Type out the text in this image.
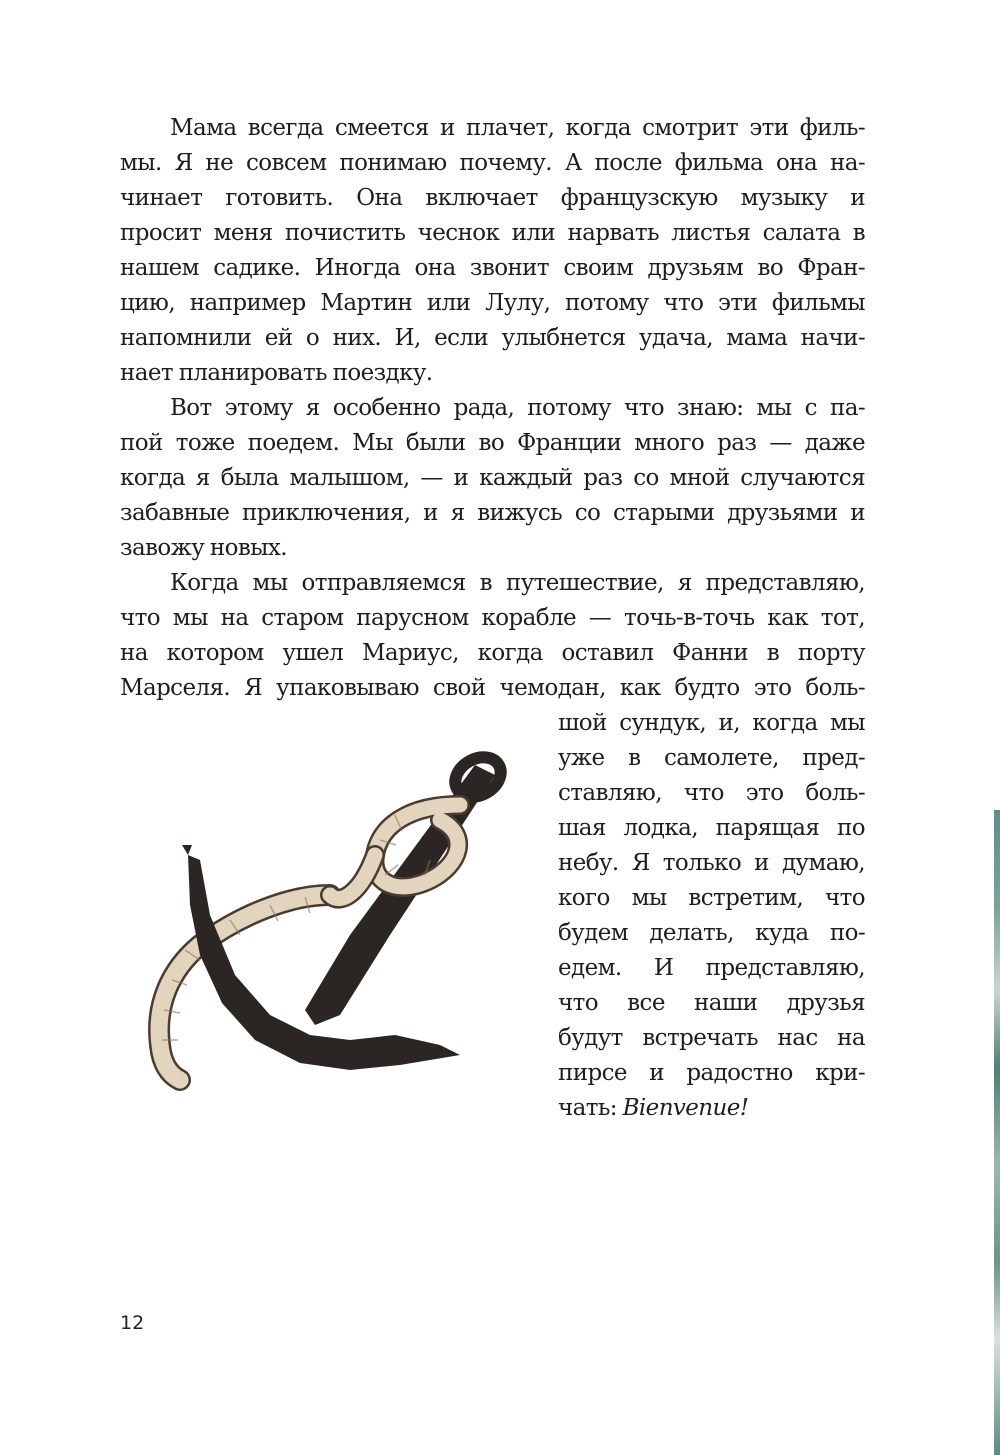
Мама всегда смеется и плачет, когда смотрит эти филь-
мы. Я не совсем понимаю почему. А после фильма она на-
чинает готовить. Она включает французскую музыку и
просит меня почистить чеснок или нарвать листья салата в
нашем садике. Иногда она звонит своим друзьям во Фран-
цию, например Мартин или Лулу, потому что эти фильмы
напомнили ей о них. И, если улыбнется удача, мама начи-
нает планировать поездку.
Вот этому я особенно рада, потому что знаю: мы с па-
пой тоже поедем. Мы были во Франции много раз — даже
когда я была малышом, — и каждый раз со мной случаются
забавные приключения, и я вижусь со старыми друзьями и
завожу новых.
Когда мы отправляемся в путешествие, я представляю,
что мы на старом парусном корабле — точь-в-точь как тот,
на котором ушел Мариус, когда оставил Фанни в порту
Марселя. Я упаковываю свой чемодан, как будто это боль-
шой сундук, и, когда мы
уже в самолете, пред-
ставляю, что это боль-
шая лодка, парящая по
небу. Я только и думаю,
кого мы встретим, что
будем делать, куда по-
едем. И представляю,
что все наши друзья
будут встречать нас на
пирсе и радостно кри-
чать: Bienvenue!
12
